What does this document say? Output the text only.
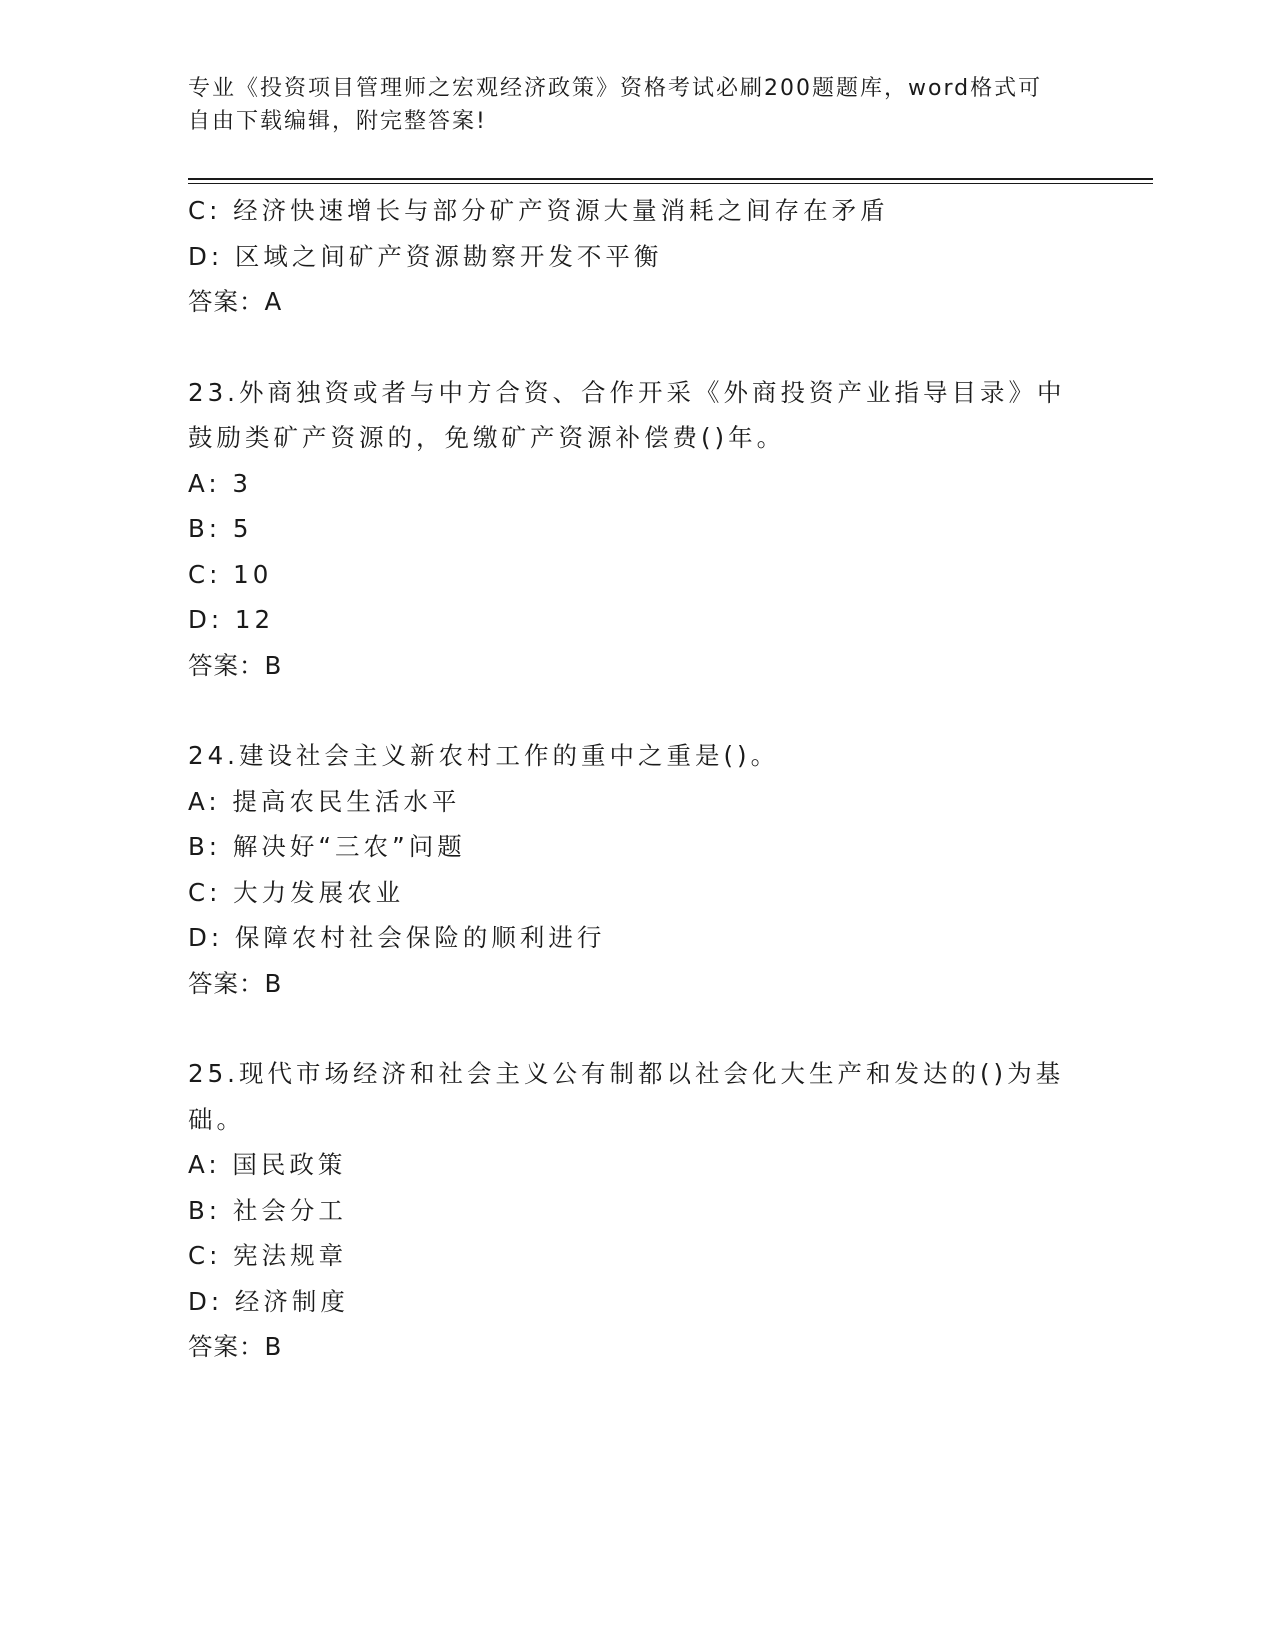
专业《投资项目管理师之宏观经济政策》资格考试必刷200题题库，word格式可
自由下载编辑，附完整答案!
C: 经济快速增长与部分矿产资源大量消耗之间存在矛盾
D: 区域之间矿产资源勘察开发不平衡
答案：A
23.外商独资或者与中方合资、合作开采《外商投资产业指导目录》中
鼓励类矿产资源的，免缴矿产资源补偿费()年。
A: 3
B: 5
C: 10
D: 12
答案：B
24.建设社会主义新农村工作的重中之重是()。
A: 提高农民生活水平
B: 解决好“三农”问题
C: 大力发展农业
D: 保障农村社会保险的顺利进行
答案：B
25.现代市场经济和社会主义公有制都以社会化大生产和发达的()为基
础。
A: 国民政策
B: 社会分工
C: 宪法规章
D: 经济制度
答案：B
